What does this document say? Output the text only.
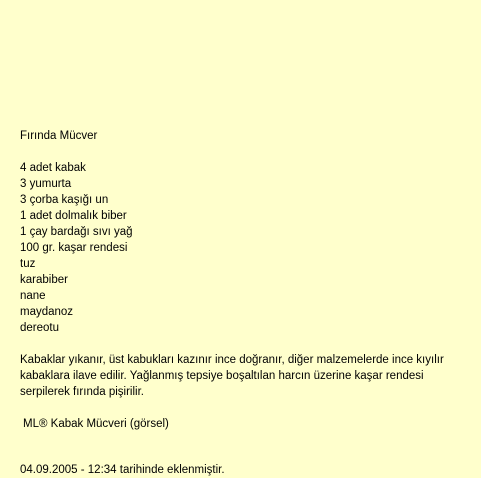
Fırında Mücver
4 adet kabak
3 yumurta
3 çorba kaşığı un
1 adet dolmalık biber
1 çay bardağı sıvı yağ
100 gr. kaşar rendesi
tuz
karabiber
nane
maydanoz
dereotu

Kabaklar yıkanır, üst kabukları kazınır ince doğranır, diğer malzemelerde ince kıyılır kabaklara ilave edilir. Yağlanmış tepsiye boşaltılan harcın üzerine kaşar rendesi serpilerek fırında pişirilir.

ML® Kabak Mücveri (görsel)
04.09.2005 - 12:34 tarihinde eklenmiştir.
